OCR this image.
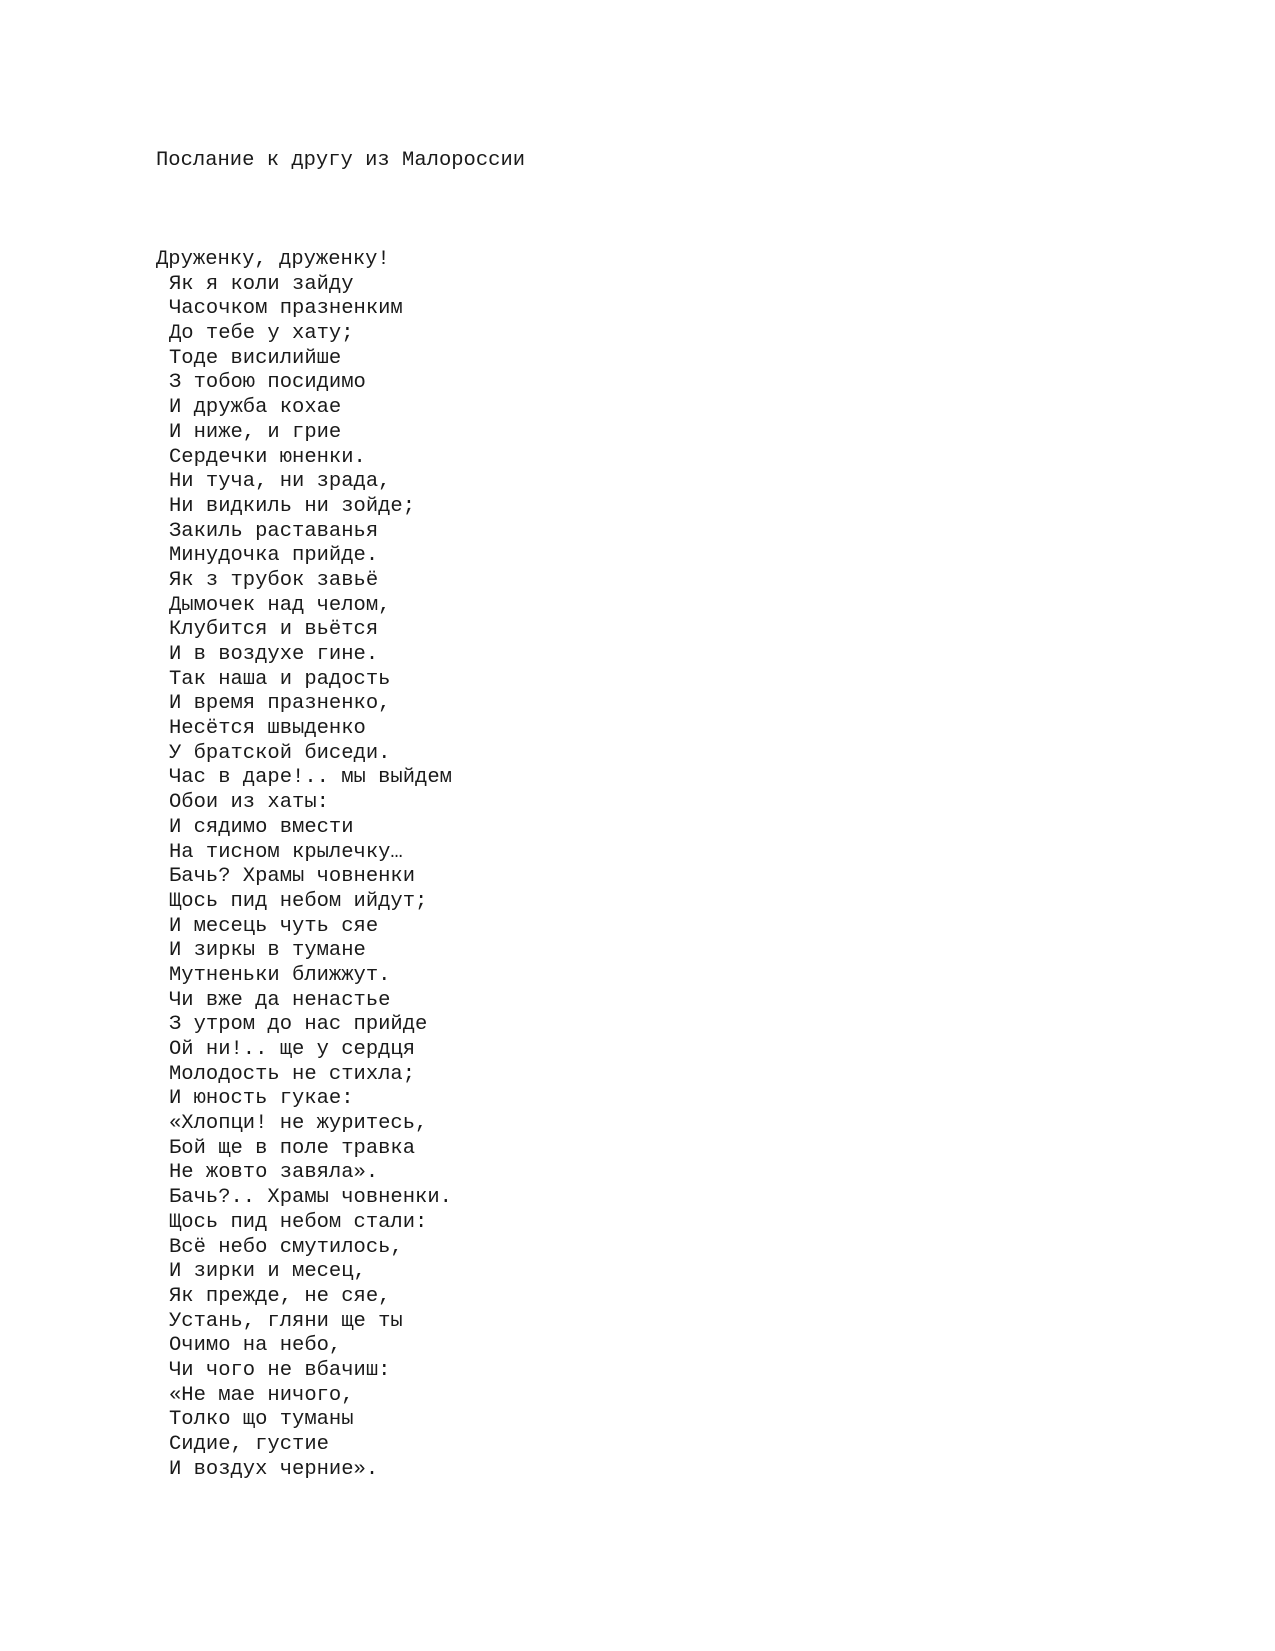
Послание к другу из Малороссии
Друженку, друженку!
Як я коли зайду
Часочком празненким
До тебе у хату;
Тоде висилийше
З тобою посидимо
И дружба кохае
И ниже, и грие
Сердечки юненки.
Ни туча, ни зрада,
Ни видкиль ни зойде;
Закиль раставанья
Минудочка прийде.
Як з трубок завьё
Дымочек над челом,
Клубится и вьётся
И в воздухе гине.
Так наша и радость
И время празненко,
Несётся швыденко
У братской биседи.
Час в даре!.. мы выйдем
Обои из хаты:
И сядимо вмести
На тисном крылечку…
Бачь? Храмы човненки
Щось пид небом ийдут;
И месець чуть сяе
И зиркы в тумане
Мутненьки ближжут.
Чи вже да ненастье
З утром до нас прийде
Ой ни!.. ще у сердця
Молодость не стихла;
И юность гукае:
«Хлопци! не журитесь,
Бой ще в поле травка
Не жовто завяла».
Бачь?.. Храмы човненки.
Щось пид небом стали:
Всё небо смутилось,
И зирки и месец,
Як прежде, не сяе,
Устань, гляни ще ты
Очимо на небо,
Чи чого не вбачиш:
«Не мае ничого,
Толко що туманы
Сидие, густие
И воздух черние».
